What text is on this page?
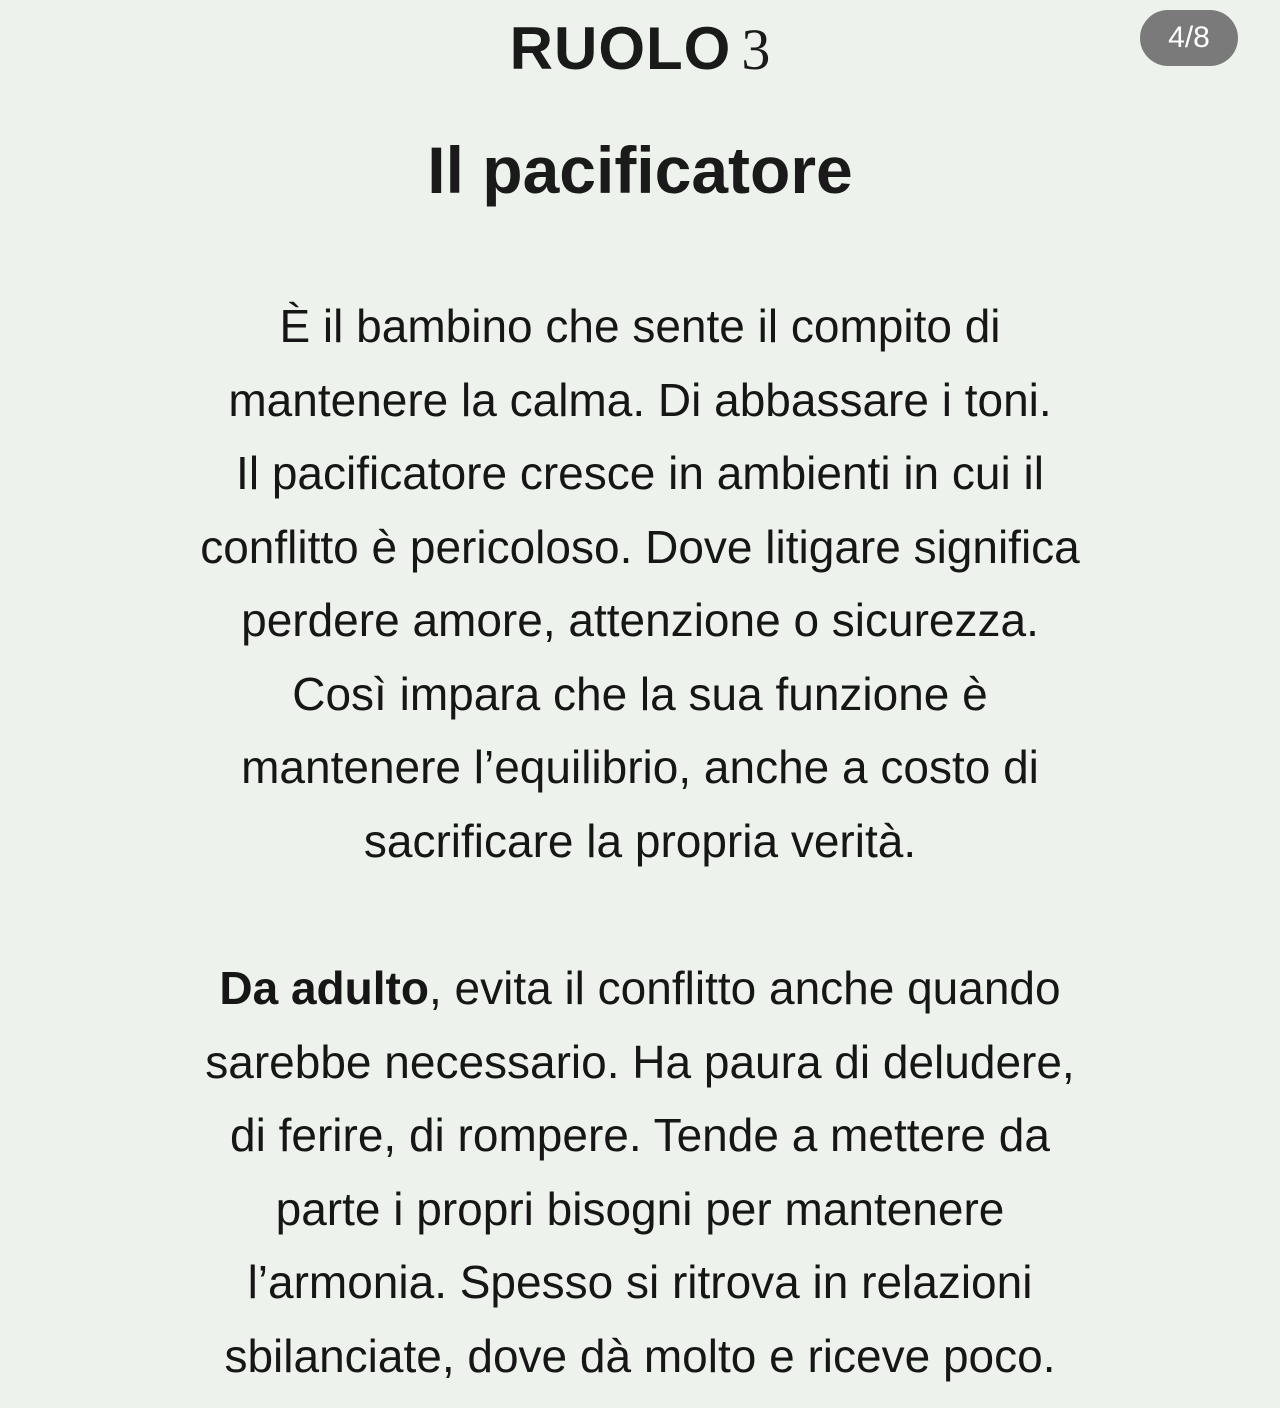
4/8
RUOLO 3
Il pacificatore
È il bambino che sente il compito di
mantenere la calma. Di abbassare i toni.
Il pacificatore cresce in ambienti in cui il
conflitto è pericoloso. Dove litigare significa
perdere amore, attenzione o sicurezza.
Così impara che la sua funzione è
mantenere l’equilibrio, anche a costo di
sacrificare la propria verità.
Da adulto, evita il conflitto anche quando
sarebbe necessario. Ha paura di deludere,
di ferire, di rompere. Tende a mettere da
parte i propri bisogni per mantenere
l’armonia. Spesso si ritrova in relazioni
sbilanciate, dove dà molto e riceve poco.
